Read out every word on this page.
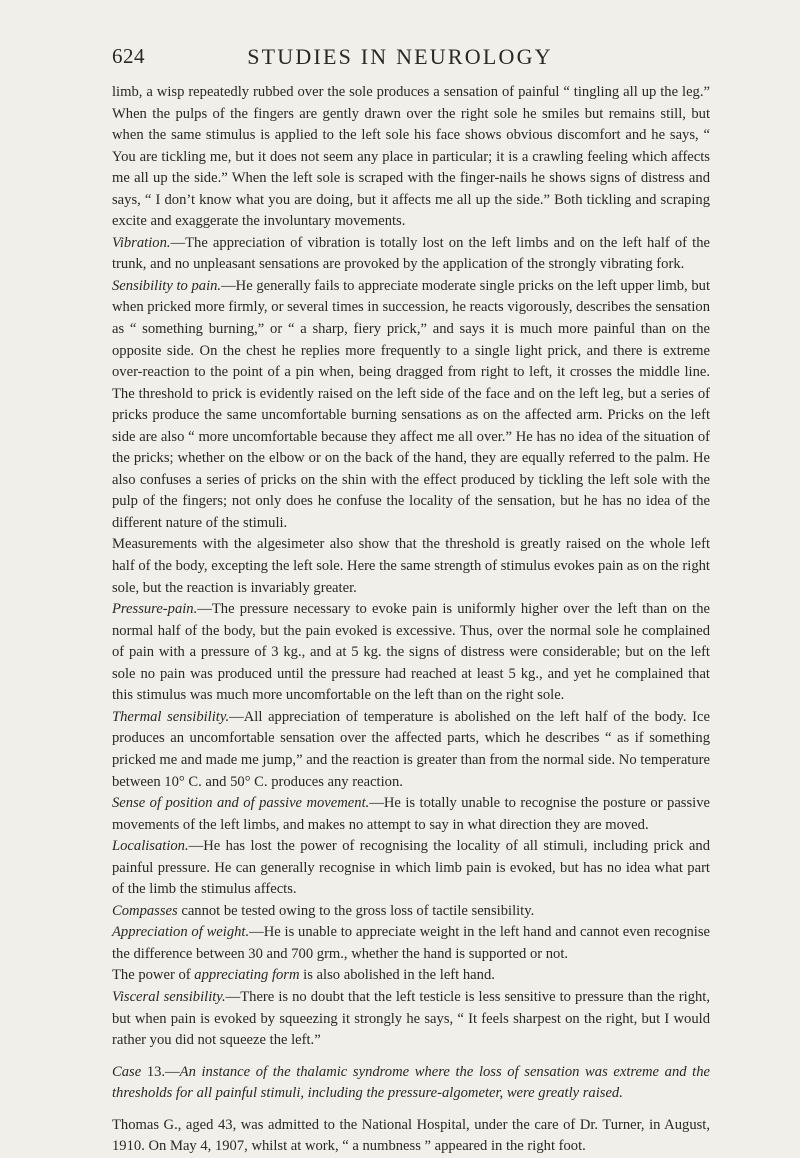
624	STUDIES IN NEUROLOGY

limb, a wisp repeatedly rubbed over the sole produces a sensation of painful “ tingling all up the leg.” When the pulps of the fingers are gently drawn over the right sole he smiles but remains still, but when the same stimulus is applied to the left sole his face shows obvious discomfort and he says, “ You are tickling me, but it does not seem any place in particular; it is a crawling feeling which affects me all up the side.” When the left sole is scraped with the finger-nails he shows signs of distress and says, “ I don’t know what you are doing, but it affects me all up the side.” Both tickling and scraping excite and exaggerate the involuntary movements.

Vibration.—The appreciation of vibration is totally lost on the left limbs and on the left half of the trunk, and no unpleasant sensations are provoked by the application of the strongly vibrating fork.

Sensibility to pain.—He generally fails to appreciate moderate single pricks on the left upper limb, but when pricked more firmly, or several times in succession, he reacts vigorously, describes the sensation as “ something burning,” or “ a sharp, fiery prick,” and says it is much more painful than on the opposite side. On the chest he replies more frequently to a single light prick, and there is extreme over-reaction to the point of a pin when, being dragged from right to left, it crosses the middle line. The threshold to prick is evidently raised on the left side of the face and on the left leg, but a series of pricks produce the same uncomfortable burning sensations as on the affected arm. Pricks on the left side are also “ more uncomfortable because they affect me all over.” He has no idea of the situation of the pricks; whether on the elbow or on the back of the hand, they are equally referred to the palm. He also confuses a series of pricks on the shin with the effect produced by tickling the left sole with the pulp of the fingers; not only does he confuse the locality of the sensation, but he has no idea of the different nature of the stimuli.

Measurements with the algesimeter also show that the threshold is greatly raised on the whole left half of the body, excepting the left sole. Here the same strength of stimulus evokes pain as on the right sole, but the reaction is invariably greater.

Pressure-pain.—The pressure necessary to evoke pain is uniformly higher over the left than on the normal half of the body, but the pain evoked is excessive. Thus, over the normal sole he complained of pain with a pressure of 3 kg., and at 5 kg. the signs of distress were considerable; but on the left sole no pain was produced until the pressure had reached at least 5 kg., and yet he complained that this stimulus was much more uncomfortable on the left than on the right sole.

Thermal sensibility.—All appreciation of temperature is abolished on the left half of the body. Ice produces an uncomfortable sensation over the affected parts, which he describes “ as if something pricked me and made me jump,” and the reaction is greater than from the normal side. No temperature between 10° C. and 50° C. produces any reaction.

Sense of position and of passive movement.—He is totally unable to recognise the posture or passive movements of the left limbs, and makes no attempt to say in what direction they are moved.

Localisation.—He has lost the power of recognising the locality of all stimuli, including prick and painful pressure. He can generally recognise in which limb pain is evoked, but has no idea what part of the limb the stimulus affects.

Compasses cannot be tested owing to the gross loss of tactile sensibility.

Appreciation of weight.—He is unable to appreciate weight in the left hand and cannot even recognise the difference between 30 and 700 grm., whether the hand is supported or not.

The power of appreciating form is also abolished in the left hand.

Visceral sensibility.—There is no doubt that the left testicle is less sensitive to pressure than the right, but when pain is evoked by squeezing it strongly he says, “ It feels sharpest on the right, but I would rather you did not squeeze the left.”

Case 13.—An instance of the thalamic syndrome where the loss of sensation was extreme and the thresholds for all painful stimuli, including the pressure-algometer, were greatly raised.

Thomas G., aged 43, was admitted to the National Hospital, under the care of Dr. Turner, in August, 1910. On May 4, 1907, whilst at work, “ a numbness ” appeared in the right foot.
